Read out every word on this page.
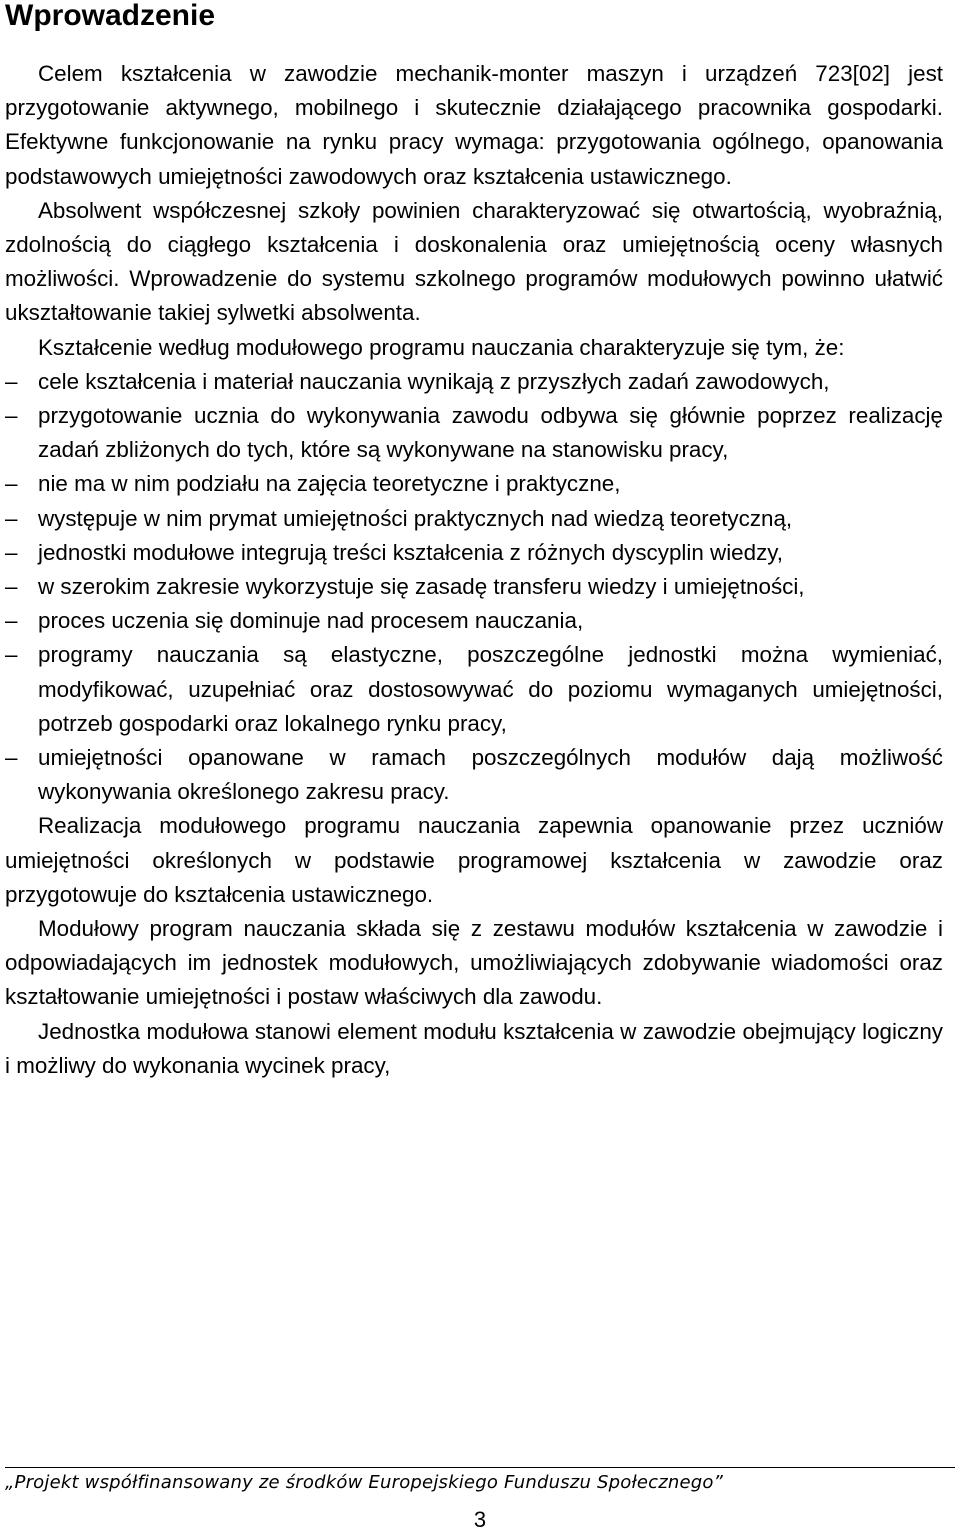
Wprowadzenie

Celem kształcenia w zawodzie mechanik-monter maszyn i urządzeń 723[02] jest przygotowanie aktywnego, mobilnego i skutecznie działającego pracownika gospodarki. Efektywne funkcjonowanie na rynku pracy wymaga: przygotowania ogólnego, opanowania podstawowych umiejętności zawodowych oraz kształcenia ustawicznego.

Absolwent współczesnej szkoły powinien charakteryzować się otwartością, wyobraźnią, zdolnością do ciągłego kształcenia i doskonalenia oraz umiejętnością oceny własnych możliwości. Wprowadzenie do systemu szkolnego programów modułowych powinno ułatwić ukształtowanie takiej sylwetki absolwenta.

Kształcenie według modułowego programu nauczania charakteryzuje się tym, że:

– cele kształcenia i materiał nauczania wynikają z przyszłych zadań zawodowych,
– przygotowanie ucznia do wykonywania zawodu odbywa się głównie poprzez realizację zadań zbliżonych do tych, które są wykonywane na stanowisku pracy,
– nie ma w nim podziału na zajęcia teoretyczne i praktyczne,
– występuje w nim prymat umiejętności praktycznych nad wiedzą teoretyczną,
– jednostki modułowe integrują treści kształcenia z różnych dyscyplin wiedzy,
– w szerokim zakresie wykorzystuje się zasadę transferu wiedzy i umiejętności,
– proces uczenia się dominuje nad procesem nauczania,
– programy nauczania są elastyczne, poszczególne jednostki można wymieniać, modyfikować, uzupełniać oraz dostosowywać do poziomu wymaganych umiejętności, potrzeb gospodarki oraz lokalnego rynku pracy,
– umiejętności opanowane w ramach poszczególnych modułów dają możliwość wykonywania określonego zakresu pracy.

Realizacja modułowego programu nauczania zapewnia opanowanie przez uczniów umiejętności określonych w podstawie programowej kształcenia w zawodzie oraz przygotowuje do kształcenia ustawicznego.

Modułowy program nauczania składa się z zestawu modułów kształcenia w zawodzie i odpowiadających im jednostek modułowych, umożliwiających zdobywanie wiadomości oraz kształtowanie umiejętności i postaw właściwych dla zawodu.

Jednostka modułowa stanowi element modułu kształcenia w zawodzie obejmujący logiczny i możliwy do wykonania wycinek pracy,

„Projekt współfinansowany ze środków Europejskiego Funduszu Społecznego”
3
